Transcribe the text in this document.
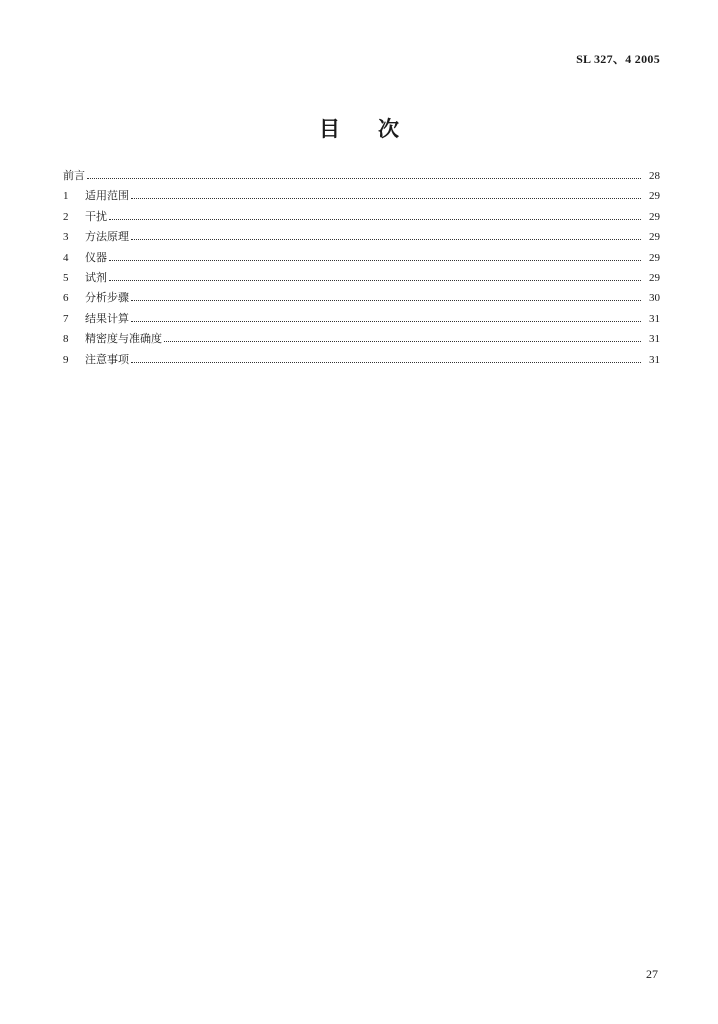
SL 327、4 2005
目 次
前言	28
1	适用范围	29
2	干扰	29
3	方法原理	29
4	仪器	29
5	试剂	29
6	分析步骤	30
7	结果计算	31
8	精密度与准确度	31
9	注意事项	31
27
